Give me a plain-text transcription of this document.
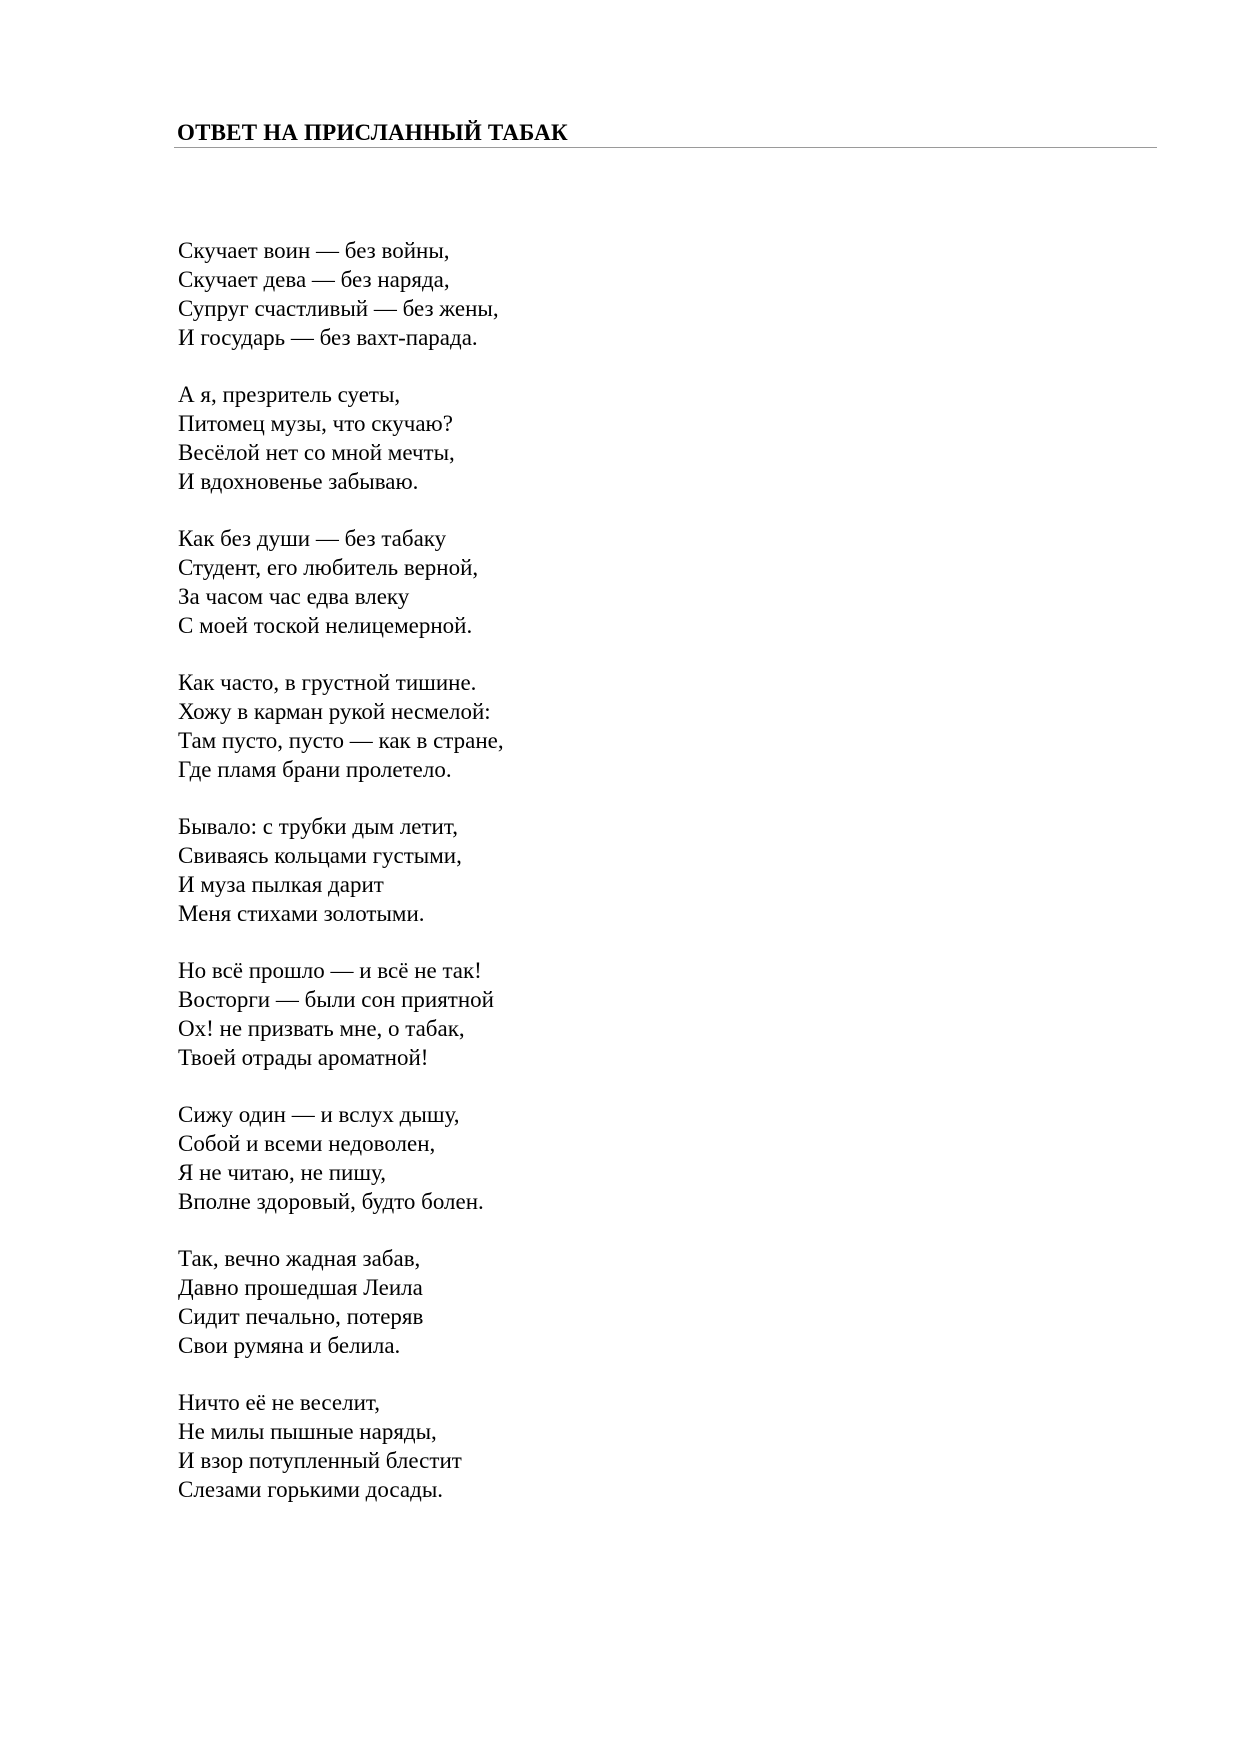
ОТВЕТ НА ПРИСЛАННЫЙ ТАБАК
Скучает воин — без войны,
Скучает дева — без наряда,
Супруг счастливый — без жены,
И государь — без вахт-парада.
А я, презритель суеты,
Питомец музы, что скучаю?
Весёлой нет со мной мечты,
И вдохновенье забываю.
Как без души — без табаку
Студент, его любитель верной,
За часом час едва влеку
С моей тоской нелицемерной.
Как часто, в грустной тишине.
Хожу в карман рукой несмелой:
Там пусто, пусто — как в стране,
Где пламя брани пролетело.
Бывало: с трубки дым летит,
Свиваясь кольцами густыми,
И муза пылкая дарит
Меня стихами золотыми.
Но всё прошло — и всё не так!
Восторги — были сон приятной
Ох! не призвать мне, о табак,
Твоей отрады ароматной!
Сижу один — и вслух дышу,
Собой и всеми недоволен,
Я не читаю, не пишу,
Вполне здоровый, будто болен.
Так, вечно жадная забав,
Давно прошедшая Леила
Сидит печально, потеряв
Свои румяна и белила.
Ничто её не веселит,
Не милы пышные наряды,
И взор потупленный блестит
Слезами горькими досады.
